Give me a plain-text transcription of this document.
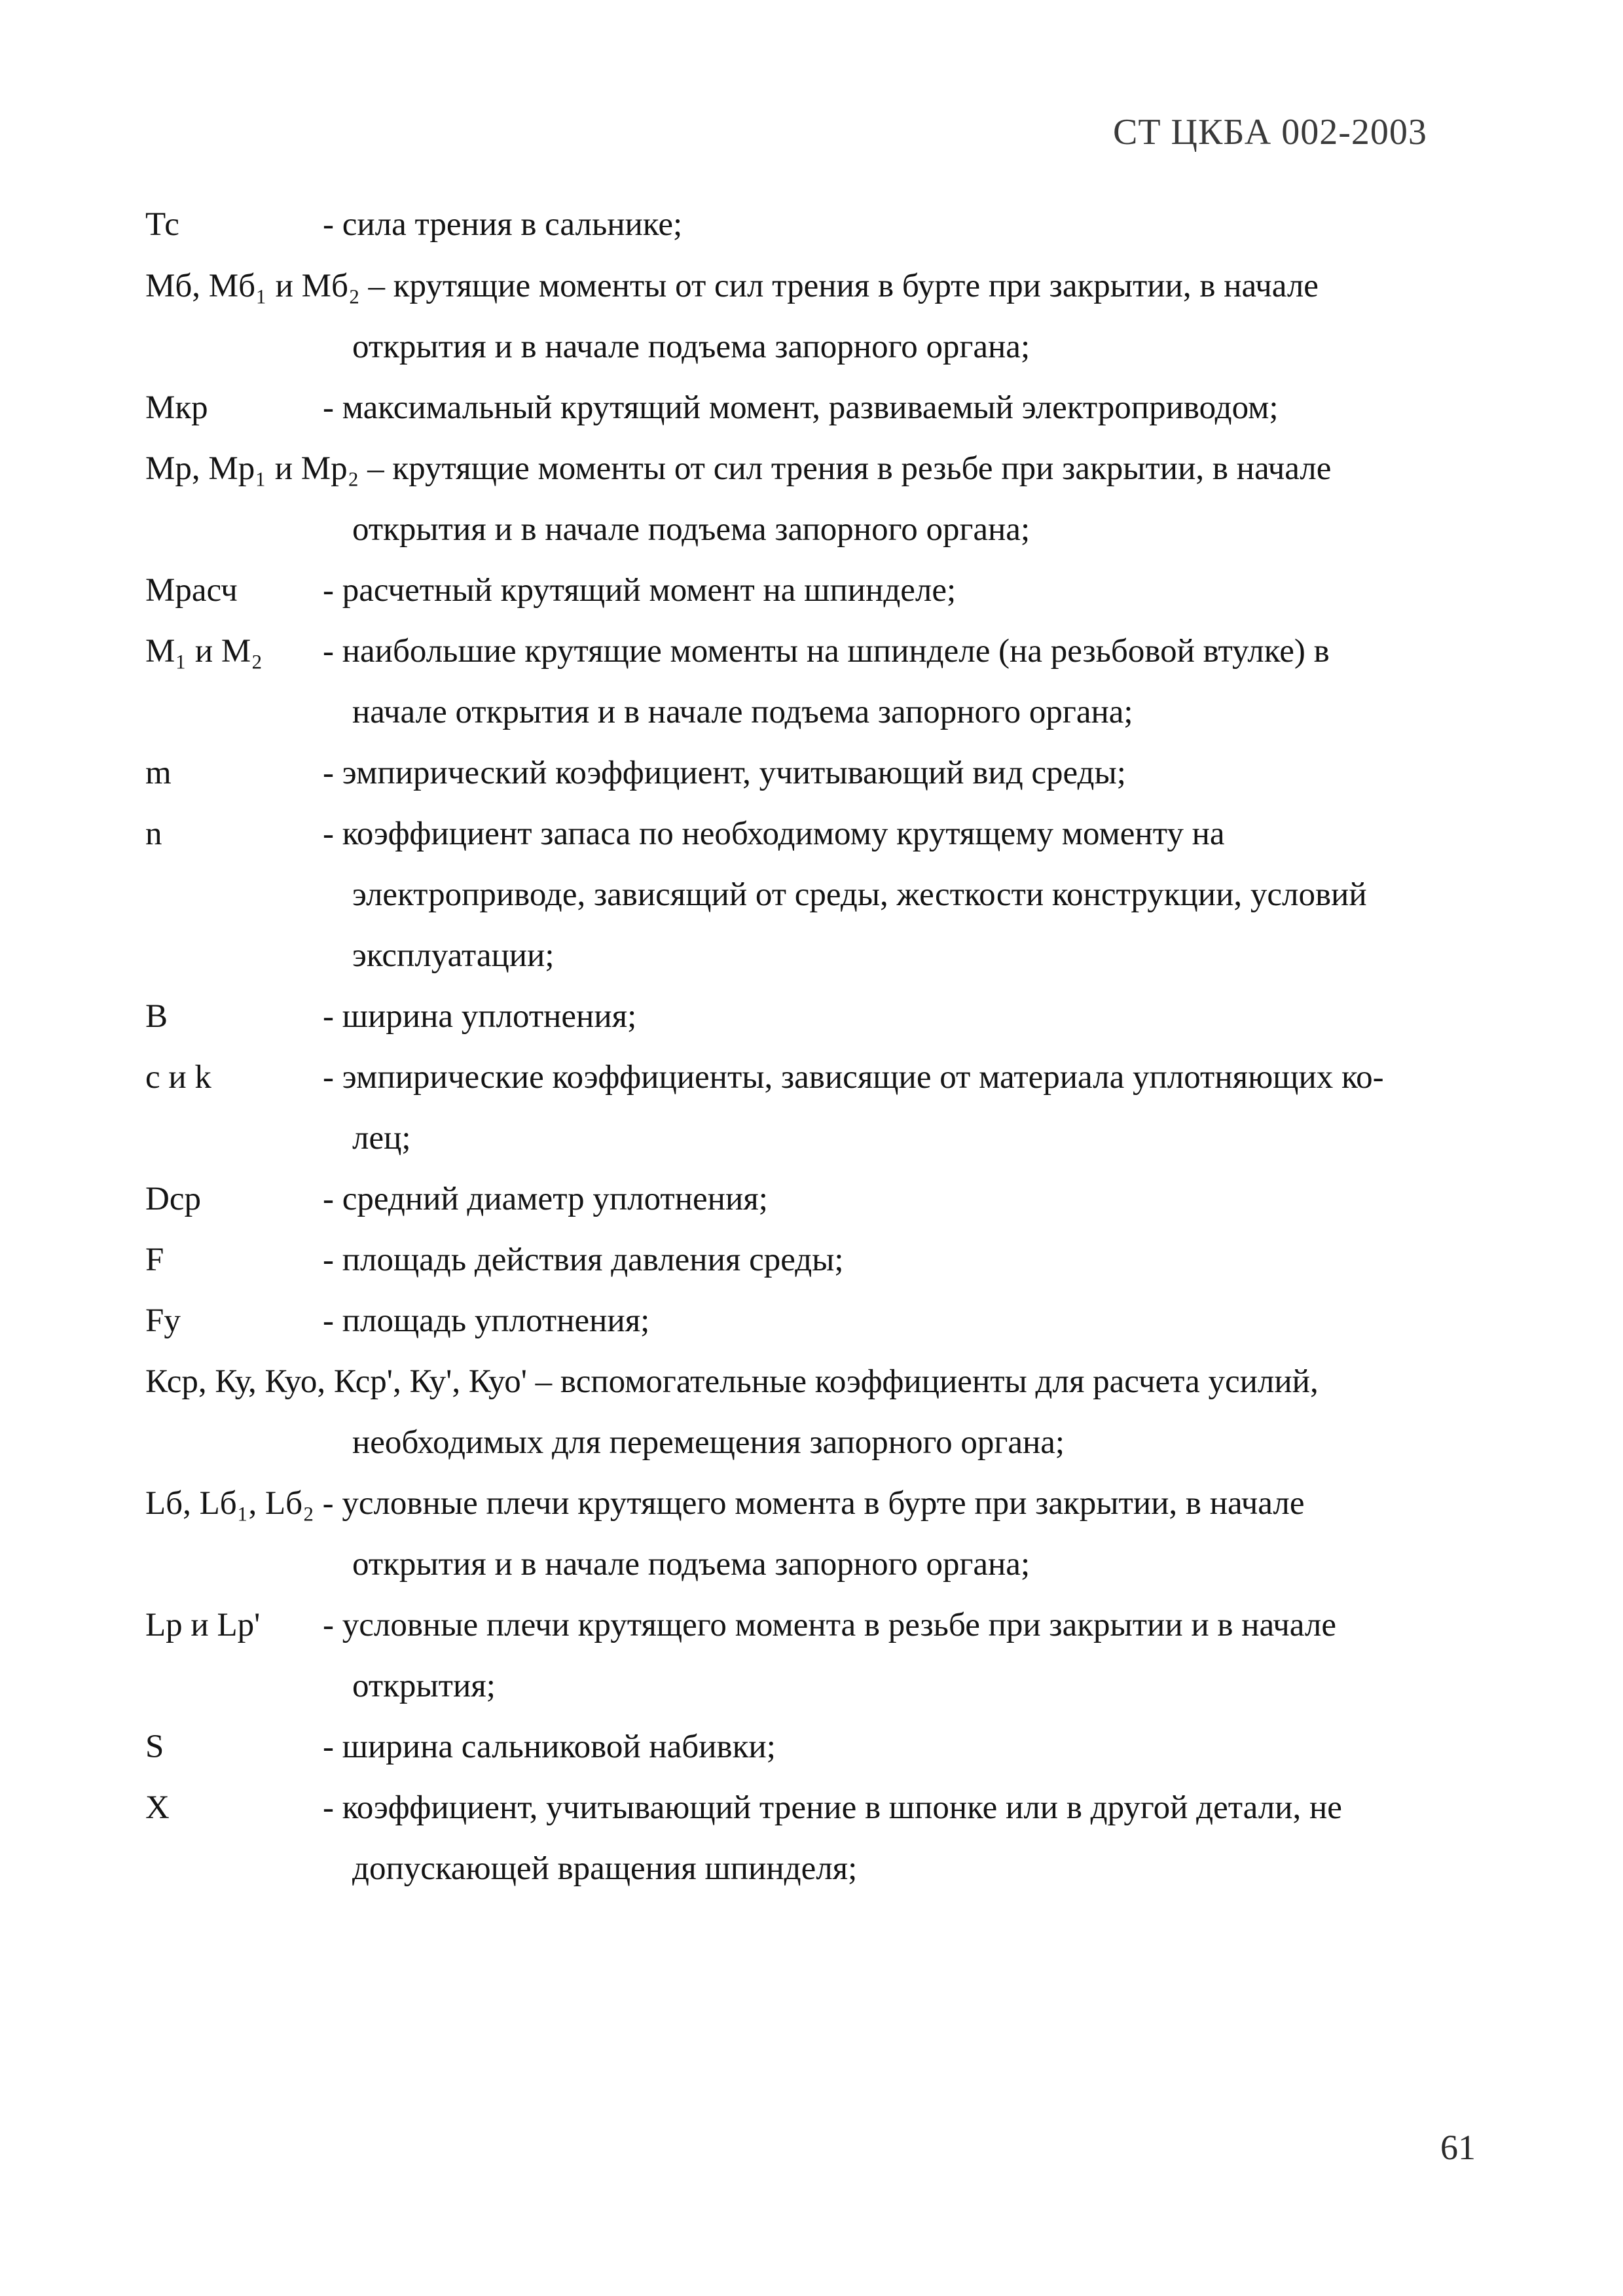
СТ ЦКБА 002-2003
Тс	- сила трения в сальнике;
Мб, Мб₁ и Мб₂ – крутящие моменты от сил трения в бурте при закрытии, в начале
открытия и в начале подъема запорного органа;
Мкр	- максимальный крутящий момент, развиваемый электроприводом;
Мр, Мр₁ и Мр₂ – крутящие моменты от сил трения в резьбе при закрытии, в начале
открытия и в начале подъема запорного органа;
Мрасч	- расчетный крутящий момент на шпинделе;
М₁ и М₂ - наибольшие крутящие моменты на шпинделе (на резьбовой втулке) в
начале открытия и в начале подъема запорного органа;
m	- эмпирический коэффициент, учитывающий вид среды;
n	- коэффициент запаса по необходимому крутящему моменту на
электроприводе, зависящий от среды, жесткости конструкции, условий
эксплуатации;
B	- ширина уплотнения;
c и k	- эмпирические коэффициенты, зависящие от материала уплотняющих ко-
лец;
Dср	- средний диаметр уплотнения;
F	- площадь действия давления среды;
Fу	- площадь уплотнения;
Кср, Ку, Куо, Кср', Ку', Куо' – вспомогательные коэффициенты для расчета усилий,
необходимых для перемещения запорного органа;
Lб, Lб₁, Lб₂ - условные плечи крутящего момента в бурте при закрытии, в начале
открытия и в начале подъема запорного органа;
Lр и Lр' - условные плечи крутящего момента в резьбе при закрытии и в начале
открытия;
S	- ширина сальниковой набивки;
X	- коэффициент, учитывающий трение в шпонке или в другой детали, не
допускающей вращения шпинделя;
61
